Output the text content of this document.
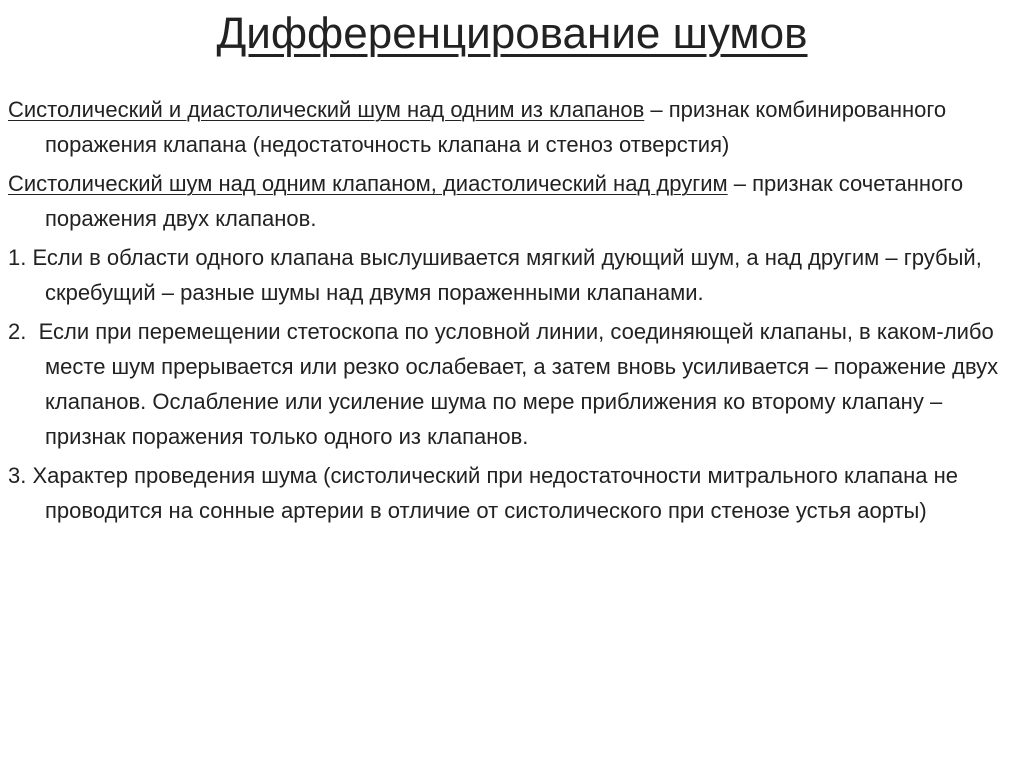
Дифференцирование шумов

Систолический и диастолический шум над одним из клапанов – признак комбинированного поражения клапана (недостаточность клапана и стеноз отверстия)

Систолический шум над одним клапаном, диастолический над другим – признак сочетанного поражения двух клапанов.

1. Если в области одного клапана выслушивается мягкий дующий шум, а над другим – грубый, скребущий – разные шумы над двумя пораженными клапанами.

2.  Если при перемещении стетоскопа по условной линии, соединяющей клапаны, в каком-либо месте шум прерывается или резко ослабевает, а затем вновь усиливается – поражение двух клапанов. Ослабление или усиление шума по мере приближения ко второму клапану – признак поражения только одного из клапанов.

3. Характер проведения шума (систолический при недостаточности митрального клапана не проводится на сонные артерии в отличие от систолического при стенозе устья аорты)
